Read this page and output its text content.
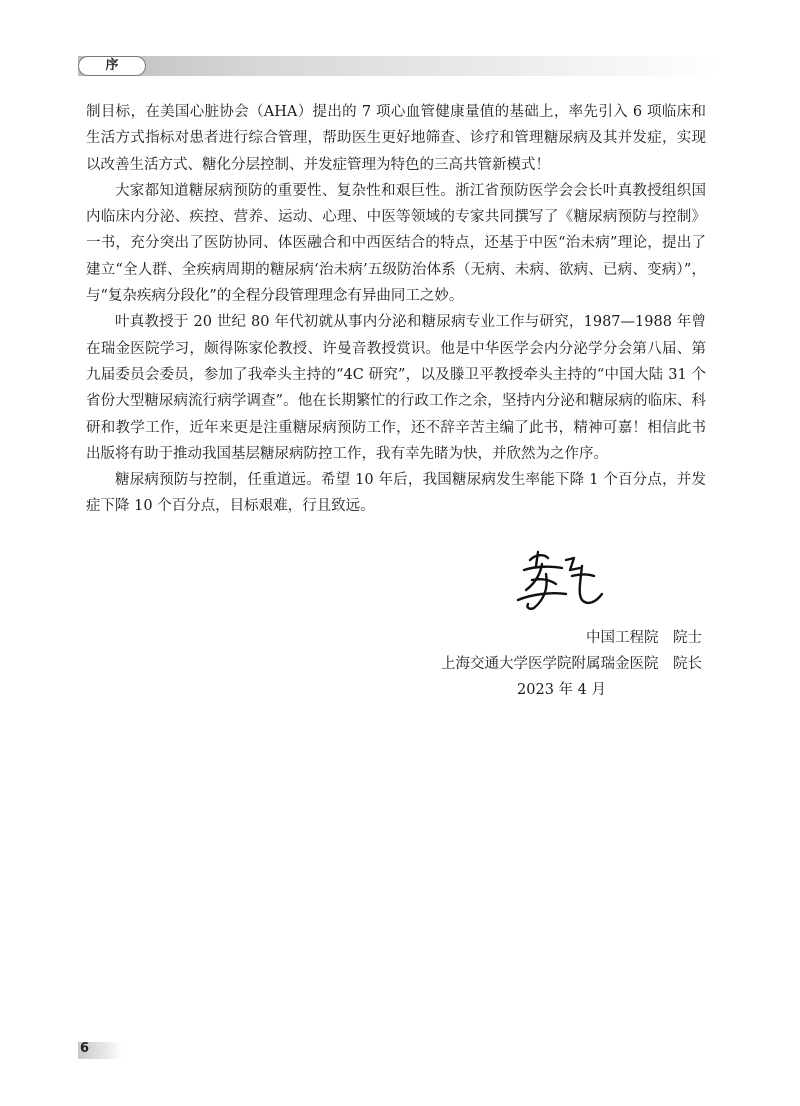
序

制目标，在美国心脏协会（AHA）提出的 7 项心血管健康量值的基础上，率先引入 6 项临床和生活方式指标对患者进行综合管理，帮助医生更好地筛查、诊疗和管理糖尿病及其并发症，实现以改善生活方式、糖化分层控制、并发症管理为特色的三高共管新模式！

大家都知道糖尿病预防的重要性、复杂性和艰巨性。浙江省预防医学会会长叶真教授组织国内临床内分泌、疾控、营养、运动、心理、中医等领域的专家共同撰写了《糖尿病预防与控制》一书，充分突出了医防协同、体医融合和中西医结合的特点，还基于中医“治未病”理论，提出了建立“全人群、全疾病周期的糖尿病‘治未病’五级防治体系（无病、未病、欲病、已病、变病）”，与“复杂疾病分段化”的全程分段管理理念有异曲同工之妙。

叶真教授于 20 世纪 80 年代初就从事内分泌和糖尿病专业工作与研究，1987—1988 年曾在瑞金医院学习，颇得陈家伦教授、许曼音教授赏识。他是中华医学会内分泌学分会第八届、第九届委员会委员，参加了我牵头主持的“4C 研究”，以及滕卫平教授牵头主持的“中国大陆 31 个省份大型糖尿病流行病学调查”。他在长期繁忙的行政工作之余，坚持内分泌和糖尿病的临床、科研和教学工作，近年来更是注重糖尿病预防工作，还不辞辛苦主编了此书，精神可嘉！相信此书出版将有助于推动我国基层糖尿病防控工作，我有幸先睹为快，并欣然为之作序。

糖尿病预防与控制，任重道远。希望 10 年后，我国糖尿病发生率能下降 1 个百分点，并发症下降 10 个百分点，目标艰难，行且致远。

中国工程院　院士
上海交通大学医学院附属瑞金医院　院长
2023 年 4 月
6
